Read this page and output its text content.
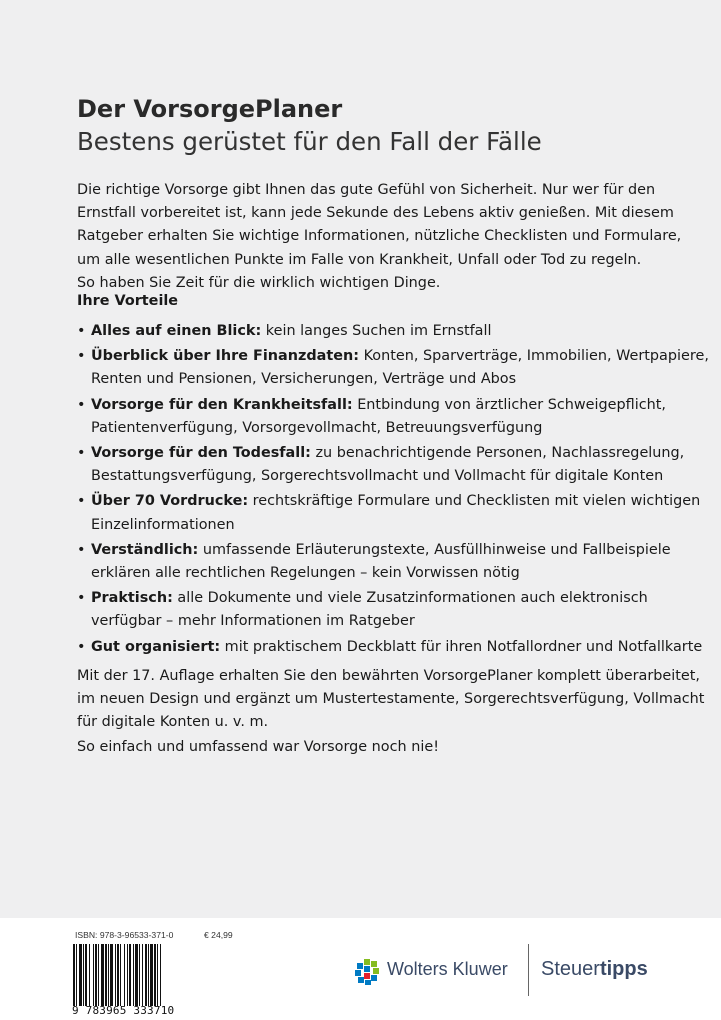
Der VorsorgePlaner
Bestens gerüstet für den Fall der Fälle
Die richtige Vorsorge gibt Ihnen das gute Gefühl von Sicherheit. Nur wer für den
Ernstfall vorbereitet ist, kann jede Sekunde des Lebens aktiv genießen. Mit diesem
Ratgeber erhalten Sie wichtige Informationen, nützliche Checklisten und Formulare,
um alle wesentlichen Punkte im Falle von Krankheit, Unfall oder Tod zu regeln.
So haben Sie Zeit für die wirklich wichtigen Dinge.
Ihre Vorteile
• Alles auf einen Blick: kein langes Suchen im Ernstfall
• Überblick über Ihre Finanzdaten: Konten, Sparverträge, Immobilien, Wertpapiere,
Renten und Pensionen, Versicherungen, Verträge und Abos
• Vorsorge für den Krankheitsfall: Entbindung von ärztlicher Schweigepflicht,
Patientenverfügung, Vorsorgevollmacht, Betreuungsverfügung
• Vorsorge für den Todesfall: zu benachrichtigende Personen, Nachlassregelung,
Bestattungsverfügung, Sorgerechtsvollmacht und Vollmacht für digitale Konten
• Über 70 Vordrucke: rechtskräftige Formulare und Checklisten mit vielen wichtigen
Einzelinformationen
• Verständlich: umfassende Erläuterungstexte, Ausfüllhinweise und Fallbeispiele
erklären alle rechtlichen Regelungen – kein Vorwissen nötig
• Praktisch: alle Dokumente und viele Zusatzinformationen auch elektronisch
verfügbar – mehr Informationen im Ratgeber
• Gut organisiert: mit praktischem Deckblatt für ihren Notfallordner und Notfallkarte
Mit der 17. Auflage erhalten Sie den bewährten VorsorgePlaner komplett überarbeitet,
im neuen Design und ergänzt um Mustertestamente, Sorgerechtsverfügung, Vollmacht
für digitale Konten u. v. m.
So einfach und umfassend war Vorsorge noch nie!
ISBN: 978-3-96533-371-0	€ 24,99
9 783965 333710
Wolters Kluwer Steuertipps
